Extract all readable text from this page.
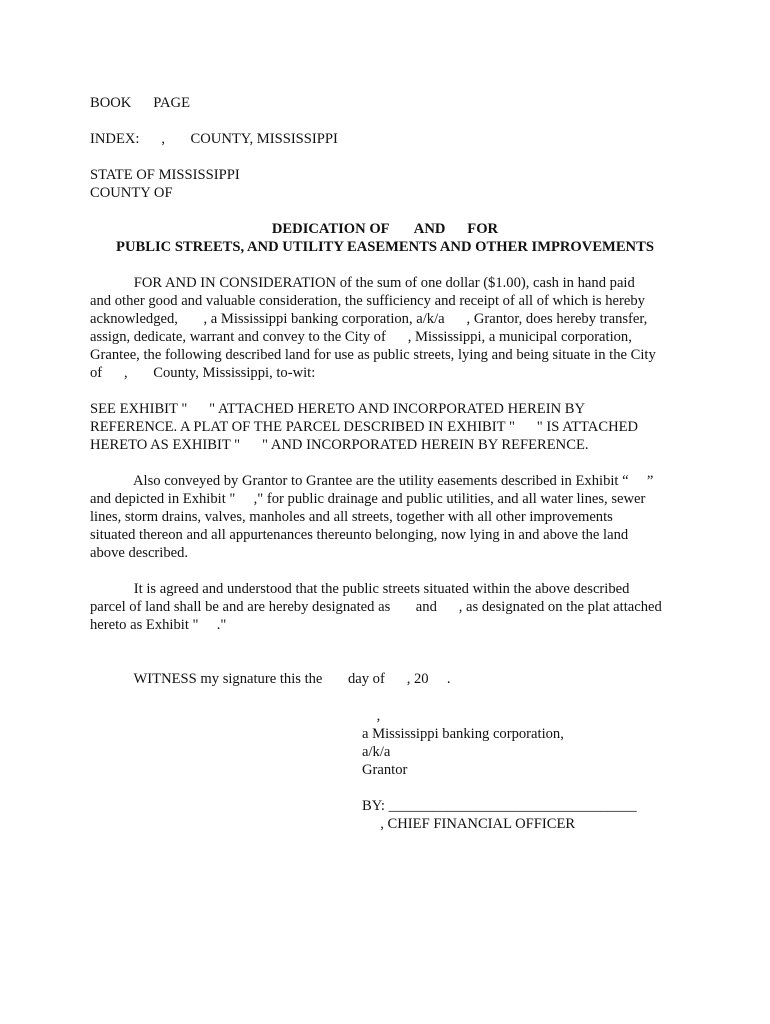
BOOK      PAGE
INDEX:      ,       COUNTY, MISSISSIPPI
STATE OF MISSISSIPPI
COUNTY OF
DEDICATION OF       AND      FOR
PUBLIC STREETS, AND UTILITY EASEMENTS AND OTHER IMPROVEMENTS
FOR AND IN CONSIDERATION of the sum of one dollar ($1.00), cash in hand paid
and other good and valuable consideration, the sufficiency and receipt of all of which is hereby
acknowledged,       , a Mississippi banking corporation, a/k/a      , Grantor, does hereby transfer,
assign, dedicate, warrant and convey to the City of      , Mississippi, a municipal corporation,
Grantee, the following described land for use as public streets, lying and being situate in the City
of      ,       County, Mississippi, to-wit:
SEE EXHIBIT "      " ATTACHED HERETO AND INCORPORATED HEREIN BY
REFERENCE. A PLAT OF THE PARCEL DESCRIBED IN EXHIBIT "      " IS ATTACHED
HERETO AS EXHIBIT "      " AND INCORPORATED HEREIN BY REFERENCE.
Also conveyed by Grantor to Grantee are the utility easements described in Exhibit “     ”
and depicted in Exhibit "     ," for public drainage and public utilities, and all water lines, sewer
lines, storm drains, valves, manholes and all streets, together with all other improvements
situated thereon and all appurtenances thereunto belonging, now lying in and above the land
above described.
It is agreed and understood that the public streets situated within the above described
parcel of land shall be and are hereby designated as       and      , as designated on the plat attached
hereto as Exhibit "     ."
WITNESS my signature this the       day of      , 20     .
,
a Mississippi banking corporation,
a/k/a
Grantor
BY: __________________________________
, CHIEF FINANCIAL OFFICER
